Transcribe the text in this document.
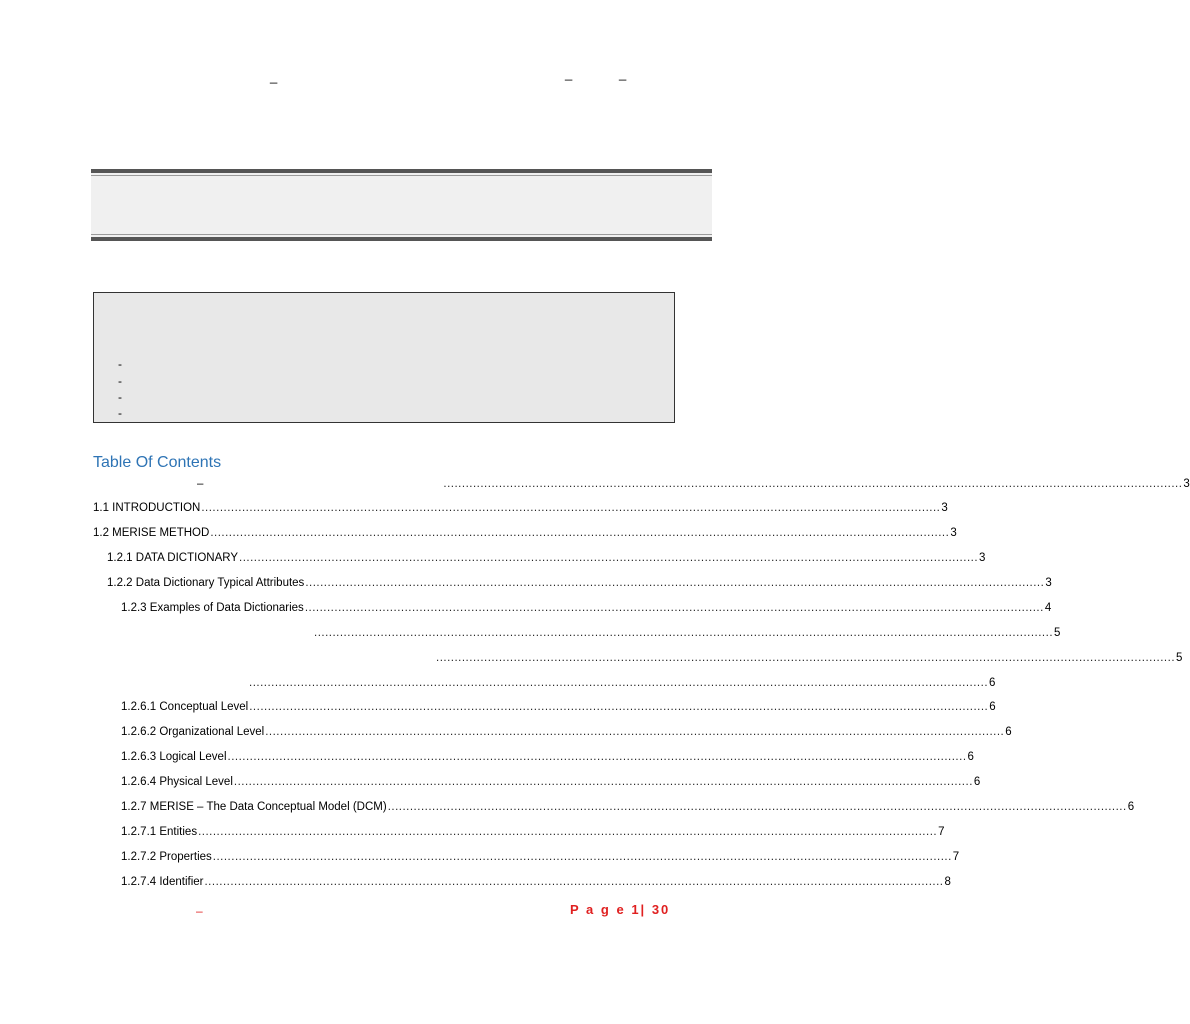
_	_	_
-
-
-
-
Table Of Contents
–	........................................................................................................................................................................................................ 3
1.1 INTRODUCTION ........................................................................................................................................................................................................ 3
1.2 MERISE METHOD ........................................................................................................................................................................................................ 3
1.2.1 DATA DICTIONARY ........................................................................................................................................................................................................ 3
1.2.2 Data Dictionary Typical Attributes ........................................................................................................................................................................................................ 3
1.2.3 Examples of Data Dictionaries ........................................................................................................................................................................................................ 4
........................................................................................................................................................................................................ 5
........................................................................................................................................................................................................ 5
........................................................................................................................................................................................................ 6
1.2.6.1 Conceptual Level ........................................................................................................................................................................................................ 6
1.2.6.2 Organizational Level ........................................................................................................................................................................................................ 6
1.2.6.3 Logical Level ........................................................................................................................................................................................................ 6
1.2.6.4 Physical Level ........................................................................................................................................................................................................ 6
1.2.7 MERISE – The Data Conceptual Model (DCM) ........................................................................................................................................................................................................ 6
1.2.7.1 Entities ........................................................................................................................................................................................................ 7
1.2.7.2 Properties ........................................................................................................................................................................................................ 7
1.2.7.4 Identifier ........................................................................................................................................................................................................ 8
–	P a g e 1| 30
